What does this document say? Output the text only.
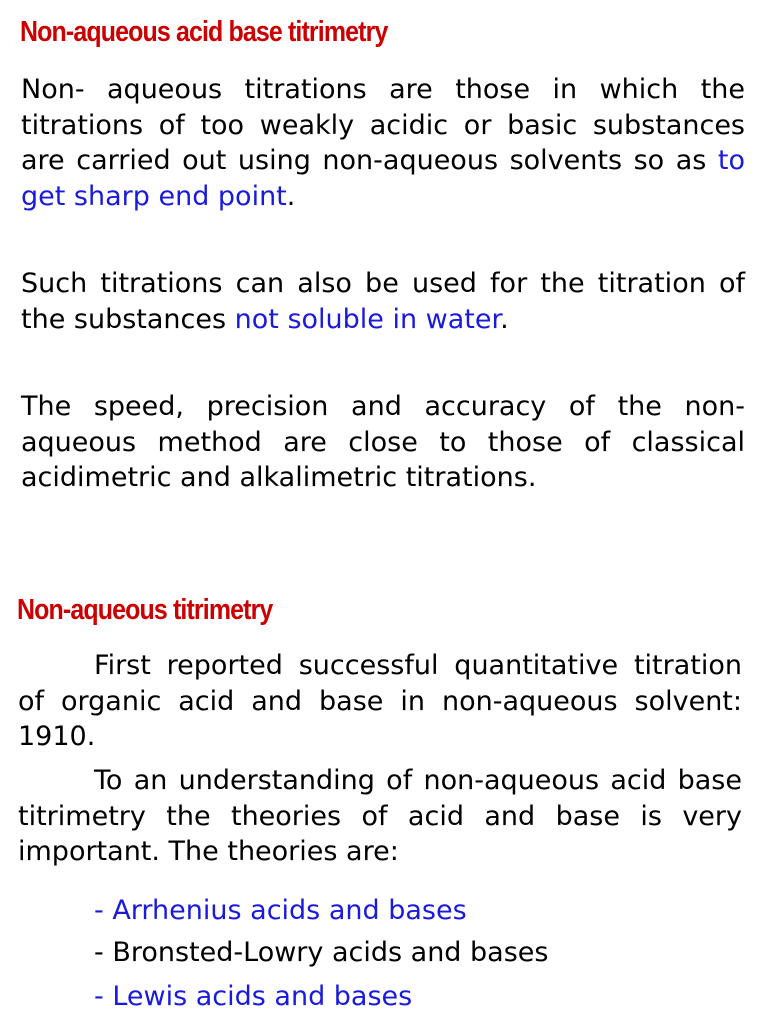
Non-aqueous acid base titrimetry

Non- aqueous titrations are those in which the titrations of too weakly acidic or basic substances are carried out using non-aqueous solvents so as to get sharp end point.

Such titrations can also be used for the titration of the substances not soluble in water.

The speed, precision and accuracy of the non-aqueous method are close to those of classical acidimetric and alkalimetric titrations.

Non-aqueous titrimetry

First reported successful quantitative titration of organic acid and base in non-aqueous solvent: 1910.

To an understanding of non-aqueous acid base titrimetry the theories of acid and base is very important. The theories are:

- Arrhenius acids and bases

- Bronsted-Lowry acids and bases

- Lewis acids and bases
